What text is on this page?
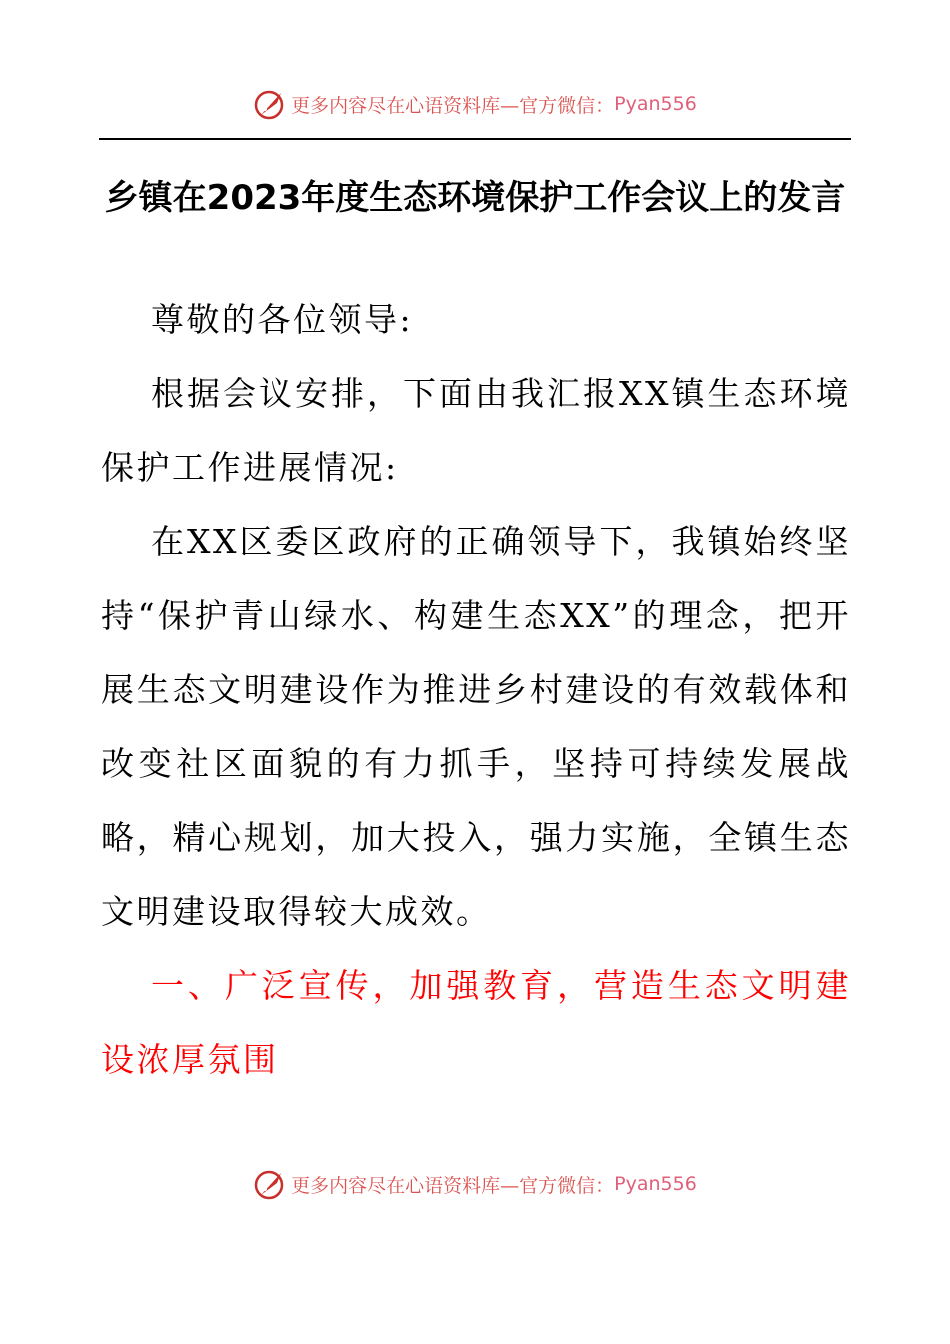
更多内容尽在心语资料库—官方微信： Pyan556
乡镇在2023年度生态环境保护工作会议上的发言

尊敬的各位领导:

根据会议安排，下面由我汇报XX镇生态环境保护工作进展情况:

在XX区委区政府的正确领导下，我镇始终坚持“保护青山绿水、构建生态XX”的理念，把开展生态文明建设作为推进乡村建设的有效载体和改变社区面貌的有力抓手，坚持可持续发展战略，精心规划，加大投入，强力实施，全镇生态文明建设取得较大成效。

一、广泛宣传，加强教育，营造生态文明建设浓厚氛围

更多内容尽在心语资料库—官方微信： Pyan556
